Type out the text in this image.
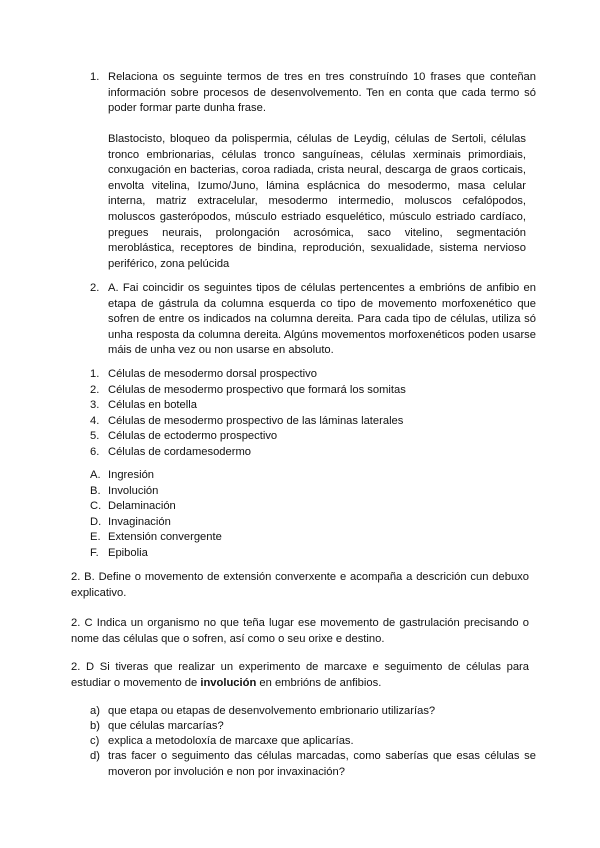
1. Relaciona os seguinte termos de tres en tres construíndo 10 frases que conteñan información sobre procesos de desenvolvemento. Ten en conta que cada termo só poder formar parte dunha frase.
Blastocisto, bloqueo da polispermia, células de Leydig, células de Sertoli, células tronco embrionarias, células tronco sanguíneas, células xerminais primordiais, conxugación en bacterias, coroa radiada, crista neural, descarga de graos corticais, envolta vitelina, Izumo/Juno, lámina esplácnica do mesodermo, masa celular interna, matriz extracelular, mesodermo intermedio, moluscos cefalópodos, moluscos gasterópodos, músculo estriado esquelético, músculo estriado cardíaco, pregues neurais, prolongación acrosómica, saco vitelino, segmentación meroblástica, receptores de bindina, reprodución, sexualidade, sistema nervioso periférico, zona pelúcida
2. A. Fai coincidir os seguintes tipos de células pertencentes a embrións de anfibio en etapa de gástrula da columna esquerda co tipo de movemento morfoxenético que sofren de entre os indicados na columna dereita. Para cada tipo de células, utiliza só unha resposta da columna dereita. Algúns movementos morfoxenéticos poden usarse máis de unha vez ou non usarse en absoluto.
1. Células de mesodermo dorsal prospectivo
2. Células de mesodermo prospectivo que formará los somitas
3. Células en botella
4. Células de mesodermo prospectivo de las láminas laterales
5. Células de ectodermo prospectivo
6. Células de cordamesodermo
A. Ingresión
B. Involución
C. Delaminación
D. Invaginación
E. Extensión convergente
F. Epibolia
2. B. Define o movemento de extensión converxente e acompaña a descrición cun debuxo explicativo.
2. C Indica un organismo no que teña lugar ese movemento de gastrulación precisando o nome das células que o sofren, así como o seu orixe e destino.
2. D Si tiveras que realizar un experimento de marcaxe e seguimento de células para estudiar o movemento de involución en embrións de anfibios.
a) que etapa ou etapas de desenvolvemento embrionario utilizarías?
b) que células marcarías?
c) explica a metodoloxía de marcaxe que aplicarías.
d) tras facer o seguimento das células marcadas, como saberías que esas células se moveron por involución e non por invaxinación?
